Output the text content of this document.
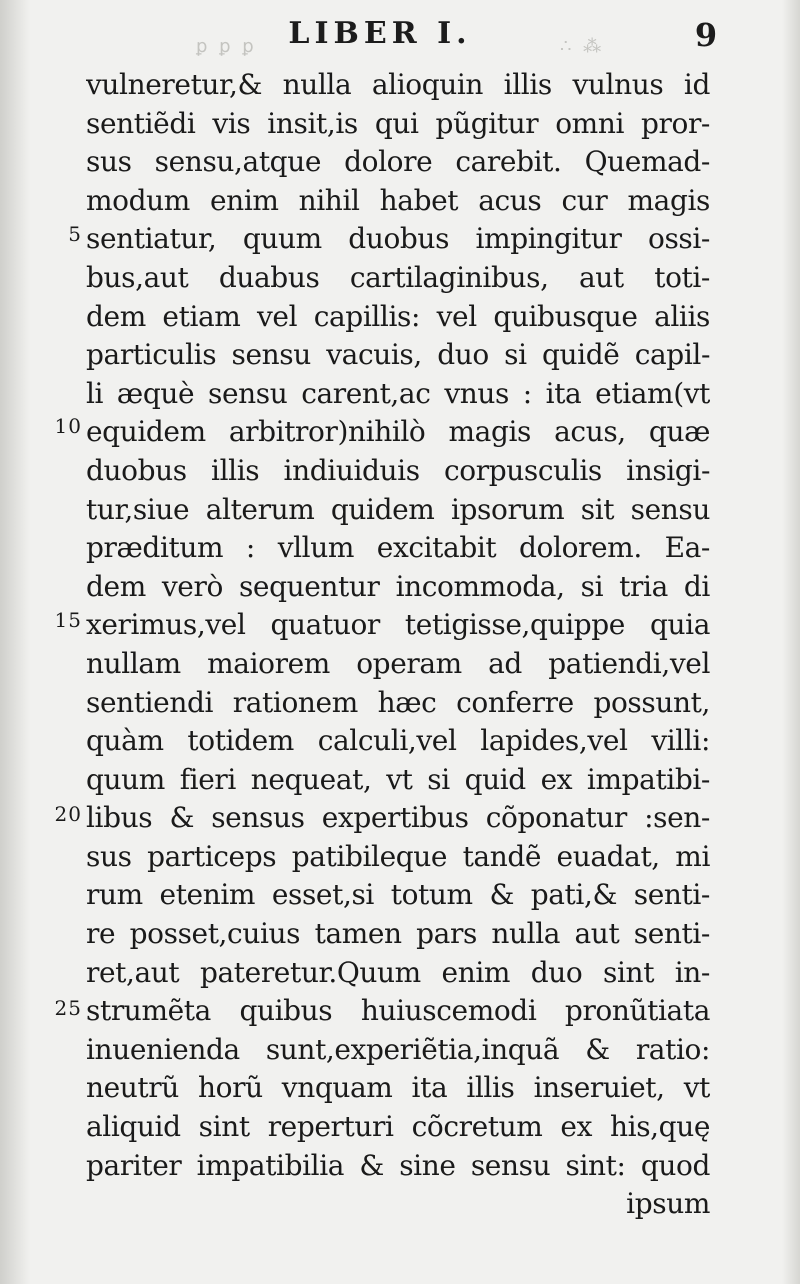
ꝑ ꝑ ꝑ	LIBER I.	∴ ⁂	9
5
10
15
20
25
vulneretur,& nulla alioquin illis vulnus id
sentiẽdi vis insit,is qui pũgitur omni pror-
sus sensu,atque dolore carebit. Quemad-
modum enim nihil habet acus cur magis
sentiatur, quum duobus impingitur ossi-
bus,aut duabus cartilaginibus, aut toti-
dem etiam vel capillis: vel quibusque aliis
particulis sensu vacuis, duo si quidẽ capil-
li æquè sensu carent,ac vnus : ita etiam(vt
equidem arbitror)nihilò magis acus, quæ
duobus illis indiuiduis corpusculis insigi-
tur,siue alterum quidem ipsorum sit sensu
præditum : vllum excitabit dolorem. Ea-
dem verò sequentur incommoda, si tria di
xerimus,vel quatuor tetigisse,quippe quia
nullam maiorem operam ad patiendi,vel
sentiendi rationem hæc conferre possunt,
quàm totidem calculi,vel lapides,vel villi:
quum fieri nequeat, vt si quid ex impatibi-
libus & sensus expertibus cõponatur :sen-
sus particeps patibileque tandẽ euadat, mi
rum etenim esset,si totum & pati,& senti-
re posset,cuius tamen pars nulla aut senti-
ret,aut pateretur.Quum enim duo sint in-
strumẽta quibus huiuscemodi pronũtiata
inuenienda sunt,experiẽtia,inquã & ratio:
neutrũ horũ vnquam ita illis inseruiet, vt
aliquid sint reperturi cõcretum ex his,quę
pariter impatibilia & sine sensu sint: quod
ipsum
